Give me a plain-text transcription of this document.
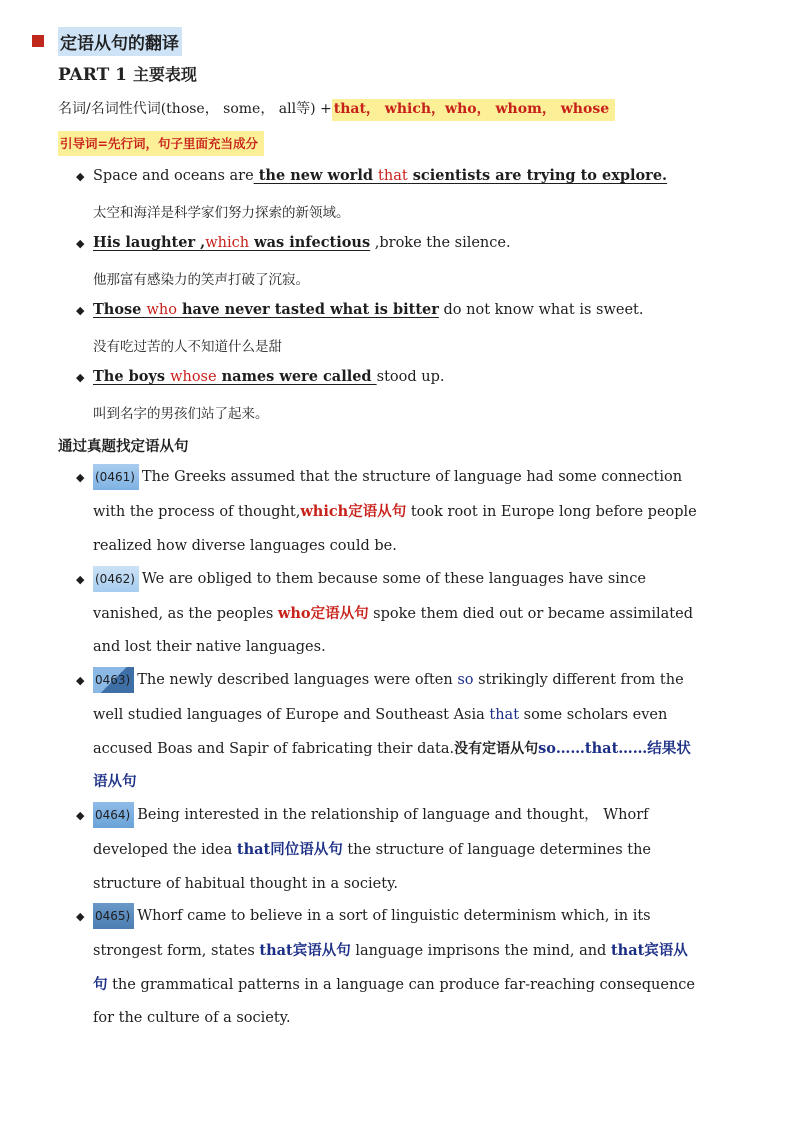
定语从句的翻译
PART 1 主要表现
名词/名词性代词(those， some， all等) + that， which，who， whom， whose
引导词=先行词，句子里面充当成分
◆ Space and oceans are the new world that scientists are trying to explore.
太空和海洋是科学家们努力探索的新领域。
◆ His laughter ,which was infectious ,broke the silence.
他那富有感染力的笑声打破了沉寂。
◆ Those who have never tasted what is bitter do not know what is sweet.
没有吃过苦的人不知道什么是甜
◆ The boys whose names were called stood up.
叫到名字的男孩们站了起来。
通过真题找定语从句
◆ (0461) The Greeks assumed that the structure of language had some connection
with the process of thought,which定语从句 took root in Europe long before people
realized how diverse languages could be.
◆ (0462) We are obliged to them because some of these languages have since
vanished, as the peoples who定语从句 spoke them died out or became assimilated
and lost their native languages.
◆ 0463) The newly described languages were often so strikingly different from the
well studied languages of Europe and Southeast Asia that some scholars even
accused Boas and Sapir of fabricating their data.没有定语从句so……that……结果状
语从句
◆ 0464) Being interested in the relationship of language and thought， Whorf
developed the idea that同位语从句 the structure of language determines the
structure of habitual thought in a society.
◆ 0465) Whorf came to believe in a sort of linguistic determinism which, in its
strongest form, states that宾语从句 language imprisons the mind, and that宾语从
句 the grammatical patterns in a language can produce far-reaching consequence
for the culture of a society.
